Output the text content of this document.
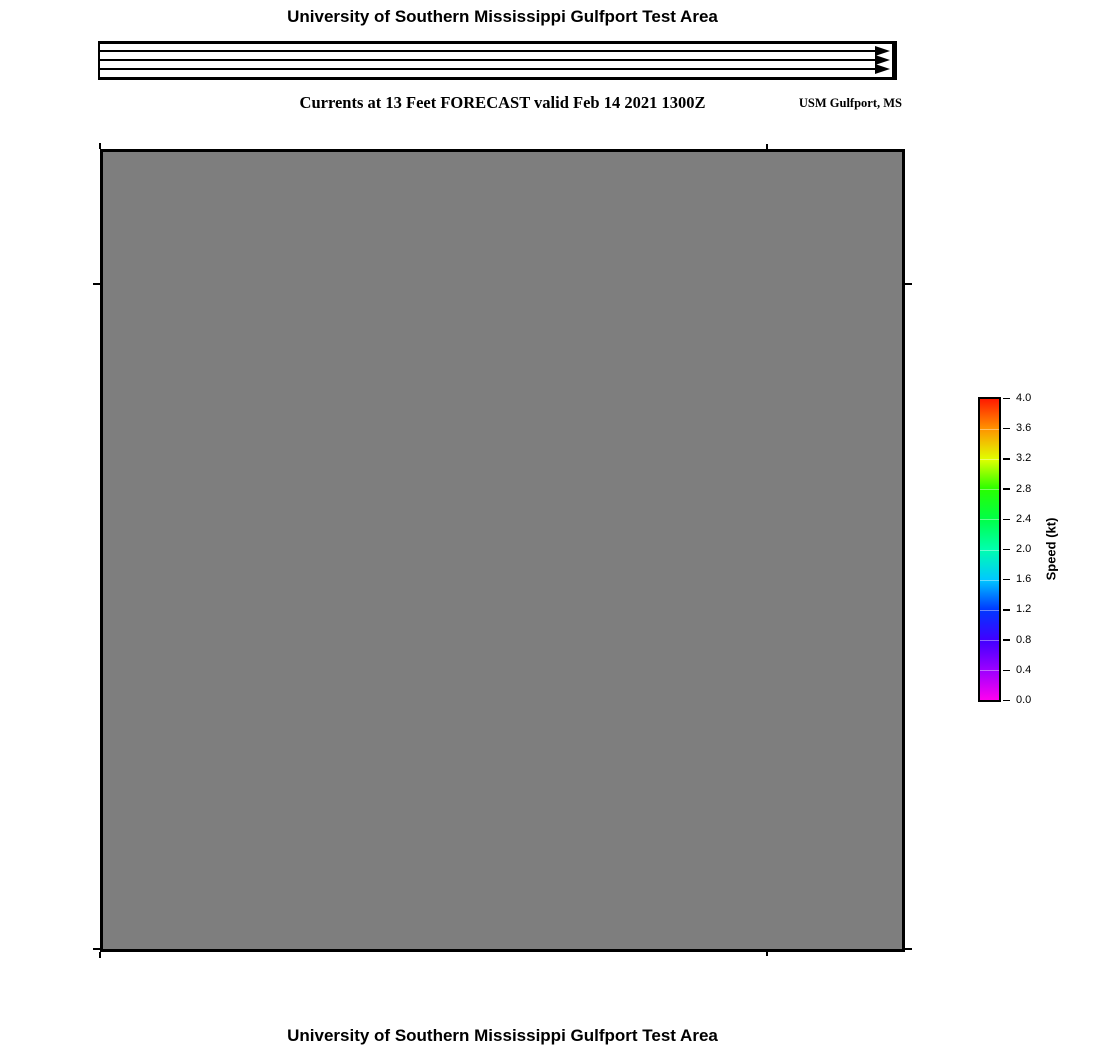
University of Southern Mississippi Gulfport Test Area
Currents at 13 Feet FORECAST valid Feb 14 2021 1300Z	USM Gulfport, MS
4.0
3.6
3.2
2.8
2.4
2.0
1.6
1.2
0.8
0.4
0.0
Speed (kt)
University of Southern Mississippi Gulfport Test Area
